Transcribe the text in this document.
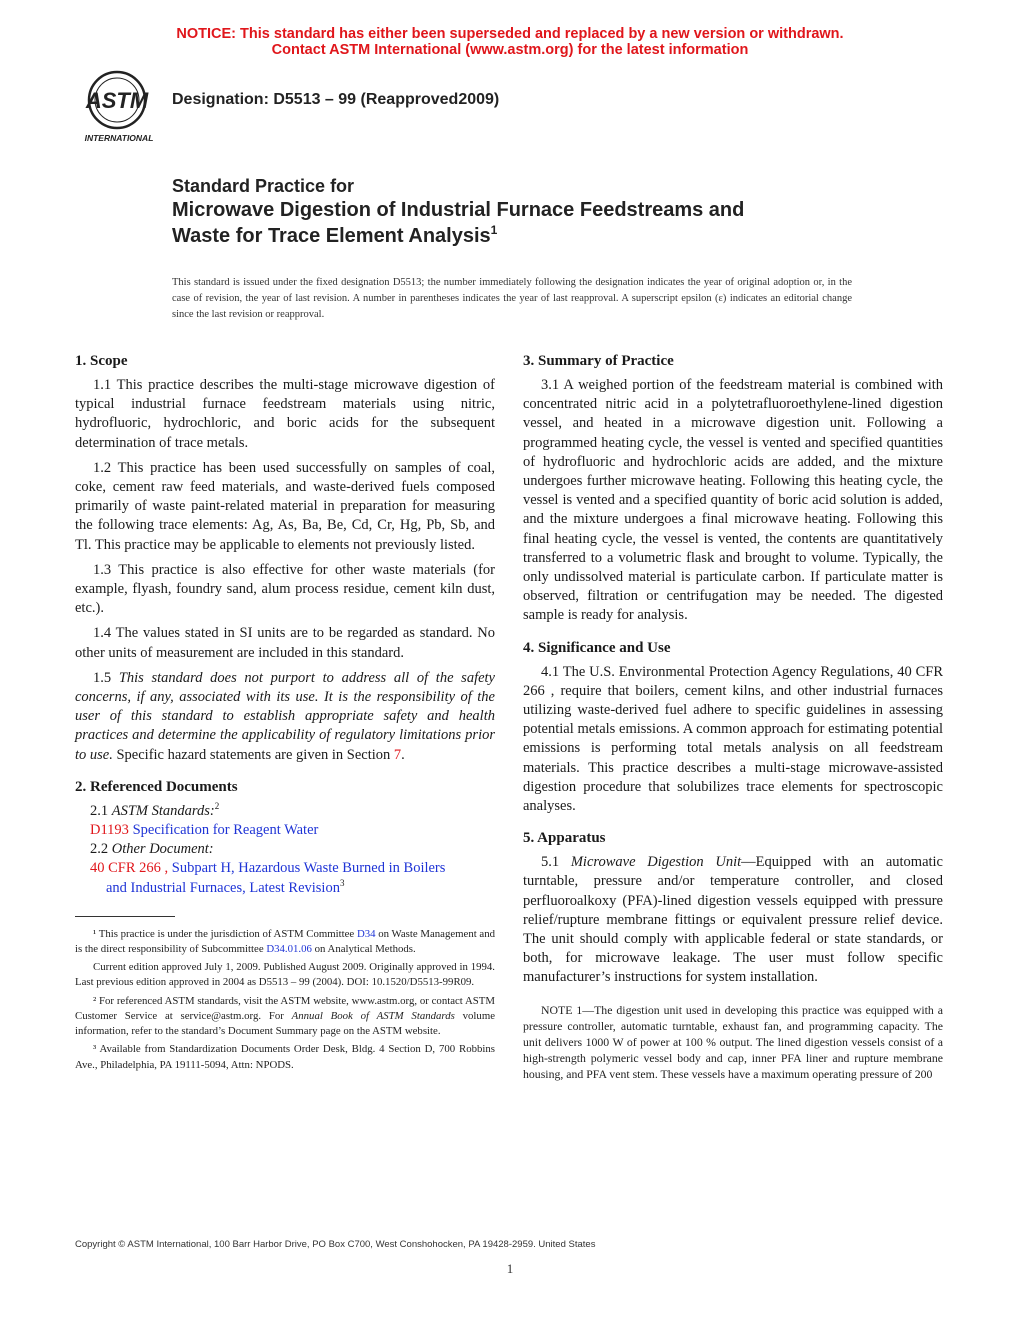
NOTICE: This standard has either been superseded and replaced by a new version or withdrawn.
Contact ASTM International (www.astm.org) for the latest information
ASTM
INTERNATIONAL
Designation: D5513 – 99 (Reapproved2009)
Standard Practice for
Microwave Digestion of Industrial Furnace Feedstreams and
Waste for Trace Element Analysis$^1$
This standard is issued under the fixed designation D5513; the number immediately following the designation indicates the year of original adoption or, in the case of revision, the year of last revision. A number in parentheses indicates the year of last reapproval. A superscript epsilon (ε) indicates an editorial change since the last revision or reapproval.
1. Scope

1.1 This practice describes the multi-stage microwave digestion of typical industrial furnace feedstream materials using nitric, hydrofluoric, hydrochloric, and boric acids for the subsequent determination of trace metals.

1.2 This practice has been used successfully on samples of coal, coke, cement raw feed materials, and waste-derived fuels composed primarily of waste paint-related material in preparation for measuring the following trace elements: Ag, As, Ba, Be, Cd, Cr, Hg, Pb, Sb, and Tl. This practice may be applicable to elements not previously listed.

1.3 This practice is also effective for other waste materials (for example, flyash, foundry sand, alum process residue, cement kiln dust, etc.).

1.4 The values stated in SI units are to be regarded as standard. No other units of measurement are included in this standard.

1.5 This standard does not purport to address all of the safety concerns, if any, associated with its use. It is the responsibility of the user of this standard to establish appropriate safety and health practices and determine the applicability of regulatory limitations prior to use. Specific hazard statements are given in Section 7.

2. Referenced Documents
2.1 ASTM Standards:$^2$
D1193 Specification for Reagent Water
2.2 Other Document:
40 CFR 266 , Subpart H, Hazardous Waste Burned in Boilers
and Industrial Furnaces, Latest Revision$^3$

¹ This practice is under the jurisdiction of ASTM Committee D34 on Waste Management and is the direct responsibility of Subcommittee D34.01.06 on Analytical Methods.

Current edition approved July 1, 2009. Published August 2009. Originally approved in 1994. Last previous edition approved in 2004 as D5513 – 99 (2004). DOI: 10.1520/D5513-99R09.

² For referenced ASTM standards, visit the ASTM website, www.astm.org, or contact ASTM Customer Service at service@astm.org. For Annual Book of ASTM Standards volume information, refer to the standard’s Document Summary page on the ASTM website.

³ Available from Standardization Documents Order Desk, Bldg. 4 Section D, 700 Robbins Ave., Philadelphia, PA 19111-5094, Attn: NPODS.

3. Summary of Practice

3.1 A weighed portion of the feedstream material is combined with concentrated nitric acid in a polytetrafluoroethylene-lined digestion vessel, and heated in a microwave digestion unit. Following a programmed heating cycle, the vessel is vented and specified quantities of hydrofluoric and hydrochloric acids are added, and the mixture undergoes further microwave heating. Following this heating cycle, the vessel is vented and a specified quantity of boric acid solution is added, and the mixture undergoes a final microwave heating. Following this final heating cycle, the vessel is vented, the contents are quantitatively transferred to a volumetric flask and brought to volume. Typically, the only undissolved material is particulate carbon. If particulate matter is observed, filtration or centrifugation may be needed. The digested sample is ready for analysis.

4. Significance and Use

4.1 The U.S. Environmental Protection Agency Regulations, 40 CFR 266 , require that boilers, cement kilns, and other industrial furnaces utilizing waste-derived fuel adhere to specific guidelines in assessing potential metals emissions. A common approach for estimating potential emissions is performing total metals analysis on all feedstream materials. This practice describes a multi-stage microwave-assisted digestion procedure that solubilizes trace elements for spectroscopic analyses.

5. Apparatus

5.1 Microwave Digestion Unit—Equipped with an automatic turntable, pressure and/or temperature controller, and closed perfluoroalkoxy (PFA)-lined digestion vessels equipped with pressure relief/rupture membrane fittings or equivalent pressure relief device. The unit should comply with applicable federal or state standards, or both, for microwave leakage. The user must follow specific manufacturer’s instructions for system installation.

NOTE 1—The digestion unit used in developing this practice was equipped with a pressure controller, automatic turntable, exhaust fan, and programming capacity. The unit delivers 1000 W of power at 100 % output. The lined digestion vessels consist of a high-strength polymeric vessel body and cap, inner PFA liner and rupture membrane housing, and PFA vent stem. These vessels have a maximum operating pressure of 200

Copyright © ASTM International, 100 Barr Harbor Drive, PO Box C700, West Conshohocken, PA 19428-2959. United States
1
